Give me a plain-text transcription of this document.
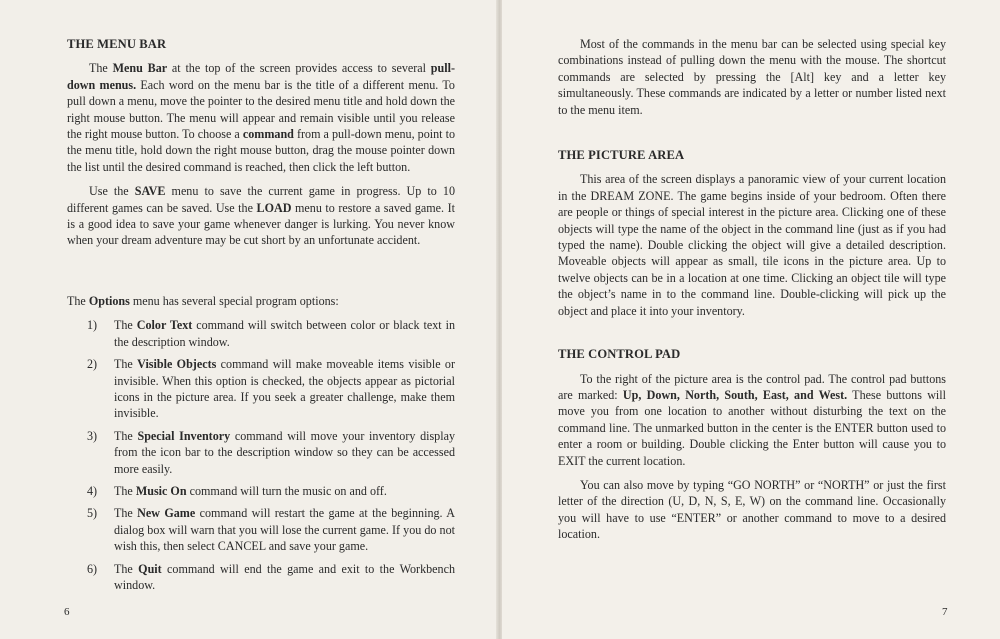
THE MENU BAR

The Menu Bar at the top of the screen provides access to several pull-down menus. Each word on the menu bar is the title of a different menu. To pull down a menu, move the pointer to the desired menu title and hold down the right mouse button. The menu will appear and remain visible until you release the right mouse button. To choose a command from a pull-down menu, point to the menu title, hold down the right mouse button, drag the mouse pointer down the list until the desired command is reached, then click the left button.

Use the SAVE menu to save the current game in progress. Up to 10 different games can be saved. Use the LOAD menu to restore a saved game. It is a good idea to save your game whenever danger is lurking. You never know when your dream adventure may be cut short by an unfortunate accident.

The Options menu has several special program options:

1) The Color Text command will switch between color or black text in the description window.
2) The Visible Objects command will make moveable items visible or invisible. When this option is checked, the objects appear as pictorial icons in the picture area. If you seek a greater challenge, make them invisible.
3) The Special Inventory command will move your inventory display from the icon bar to the description window so they can be accessed more easily.
4) The Music On command will turn the music on and off.
5) The New Game command will restart the game at the beginning. A dialog box will warn that you will lose the current game. If you do not wish this, then select CANCEL and save your game.
6) The Quit command will end the game and exit to the Workbench window.
6

Most of the commands in the menu bar can be selected using special key combinations instead of pulling down the menu with the mouse. The shortcut commands are selected by pressing the [Alt] key and a letter key simultaneously. These commands are indicated by a letter or number listed next to the menu item.

THE PICTURE AREA

This area of the screen displays a panoramic view of your current location in the DREAM ZONE. The game begins inside of your bedroom. Often there are people or things of special interest in the picture area. Clicking one of these objects will type the name of the object in the command line (just as if you had typed the name). Double clicking the object will give a detailed description. Moveable objects will appear as small, tile icons in the picture area. Up to twelve objects can be in a location at one time. Clicking an object tile will type the object’s name in to the command line. Double-clicking will pick up the object and place it into your inventory.

THE CONTROL PAD

To the right of the picture area is the control pad. The control pad buttons are marked: Up, Down, North, South, East, and West. These buttons will move you from one location to another without disturbing the text on the command line. The unmarked button in the center is the ENTER button used to enter a room or building. Double clicking the Enter button will cause you to EXIT the current location.

You can also move by typing “GO NORTH” or “NORTH” or just the first letter of the direction (U, D, N, S, E, W) on the command line. Occasionally you will have to use “ENTER” or another command to move to a desired location.

7
